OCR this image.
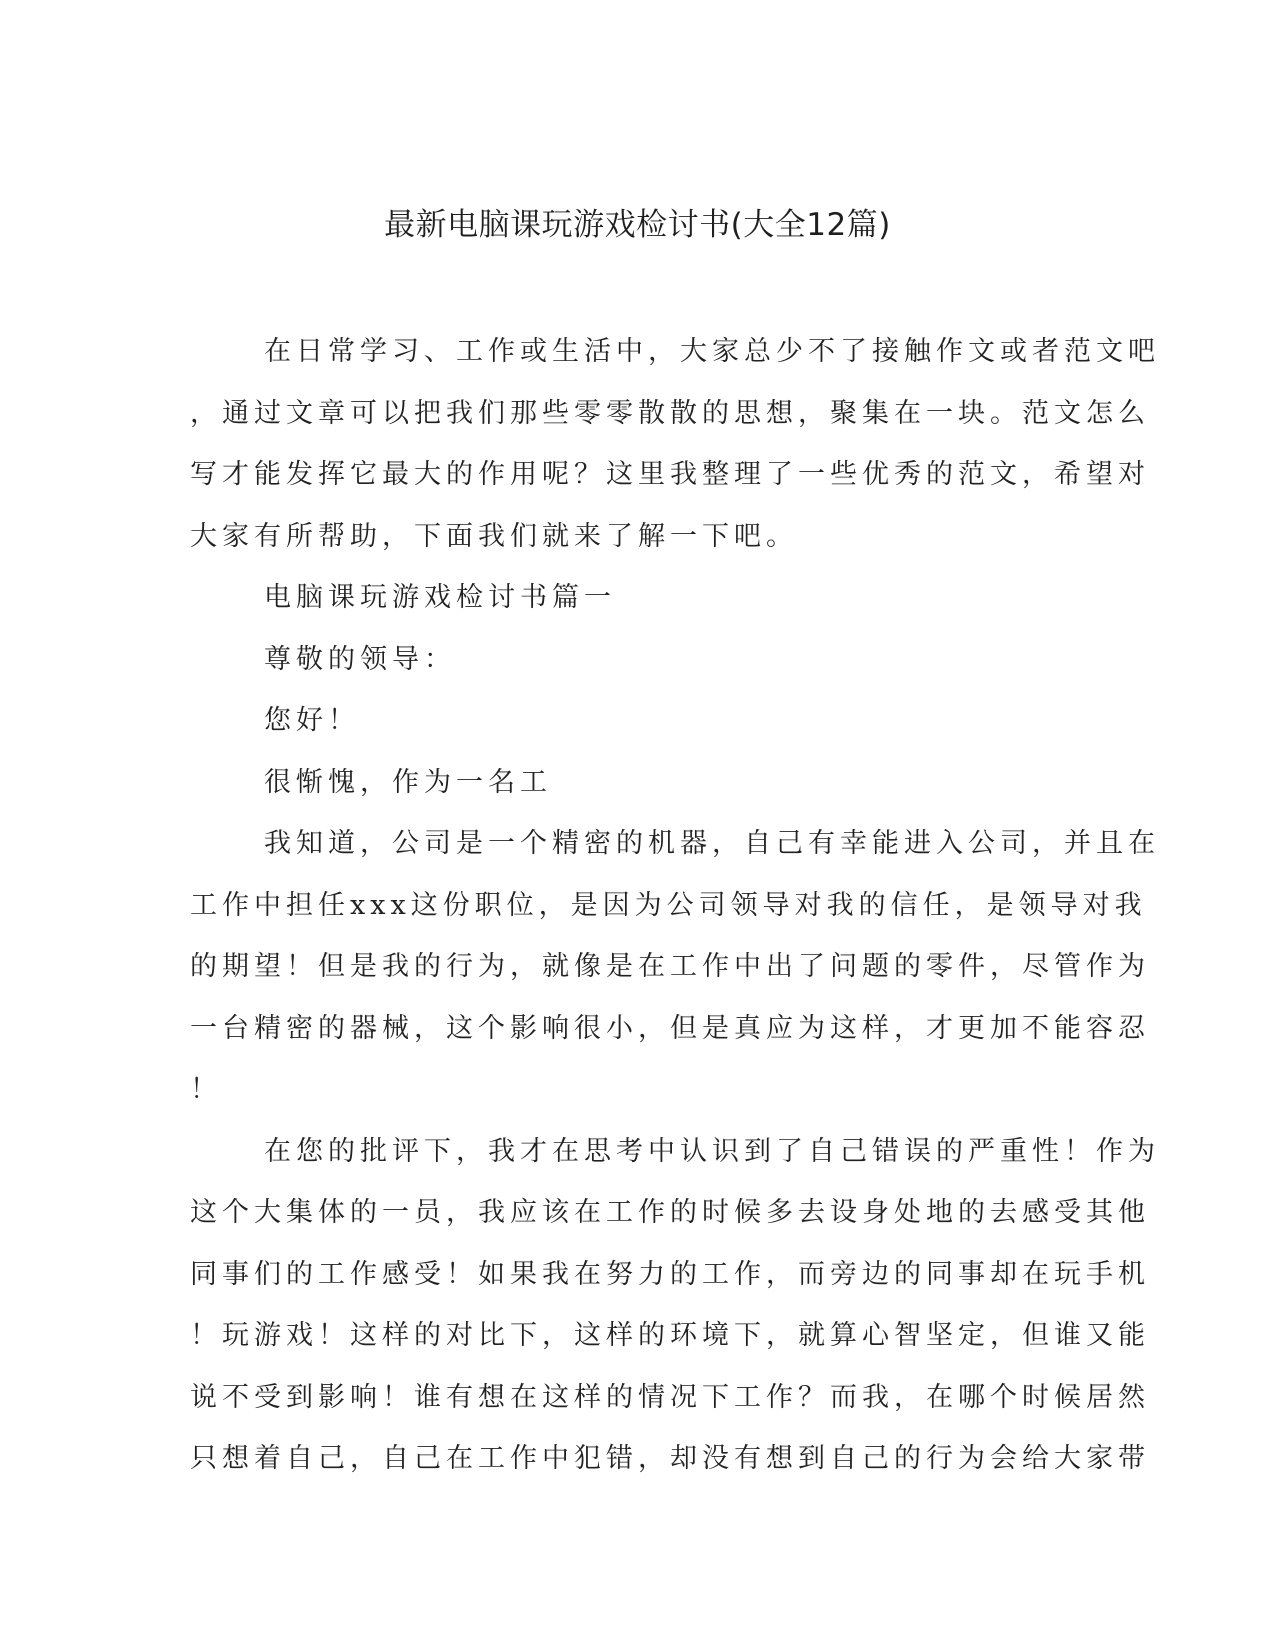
最新电脑课玩游戏检讨书(大全12篇)
在日常学习、工作或生活中，大家总少不了接触作文或者范文吧
，通过文章可以把我们那些零零散散的思想，聚集在一块。范文怎么
写才能发挥它最大的作用呢？这里我整理了一些优秀的范文，希望对
大家有所帮助，下面我们就来了解一下吧。
电脑课玩游戏检讨书篇一
尊敬的领导：
您好！
很惭愧，作为一名工
我知道，公司是一个精密的机器，自己有幸能进入公司，并且在
工作中担任xxx这份职位，是因为公司领导对我的信任，是领导对我
的期望！但是我的行为，就像是在工作中出了问题的零件，尽管作为
一台精密的器械，这个影响很小，但是真应为这样，才更加不能容忍
！
在您的批评下，我才在思考中认识到了自己错误的严重性！作为
这个大集体的一员，我应该在工作的时候多去设身处地的去感受其他
同事们的工作感受！如果我在努力的工作，而旁边的同事却在玩手机
！玩游戏！这样的对比下，这样的环境下，就算心智坚定，但谁又能
说不受到影响！谁有想在这样的情况下工作？而我，在哪个时候居然
只想着自己，自己在工作中犯错，却没有想到自己的行为会给大家带
